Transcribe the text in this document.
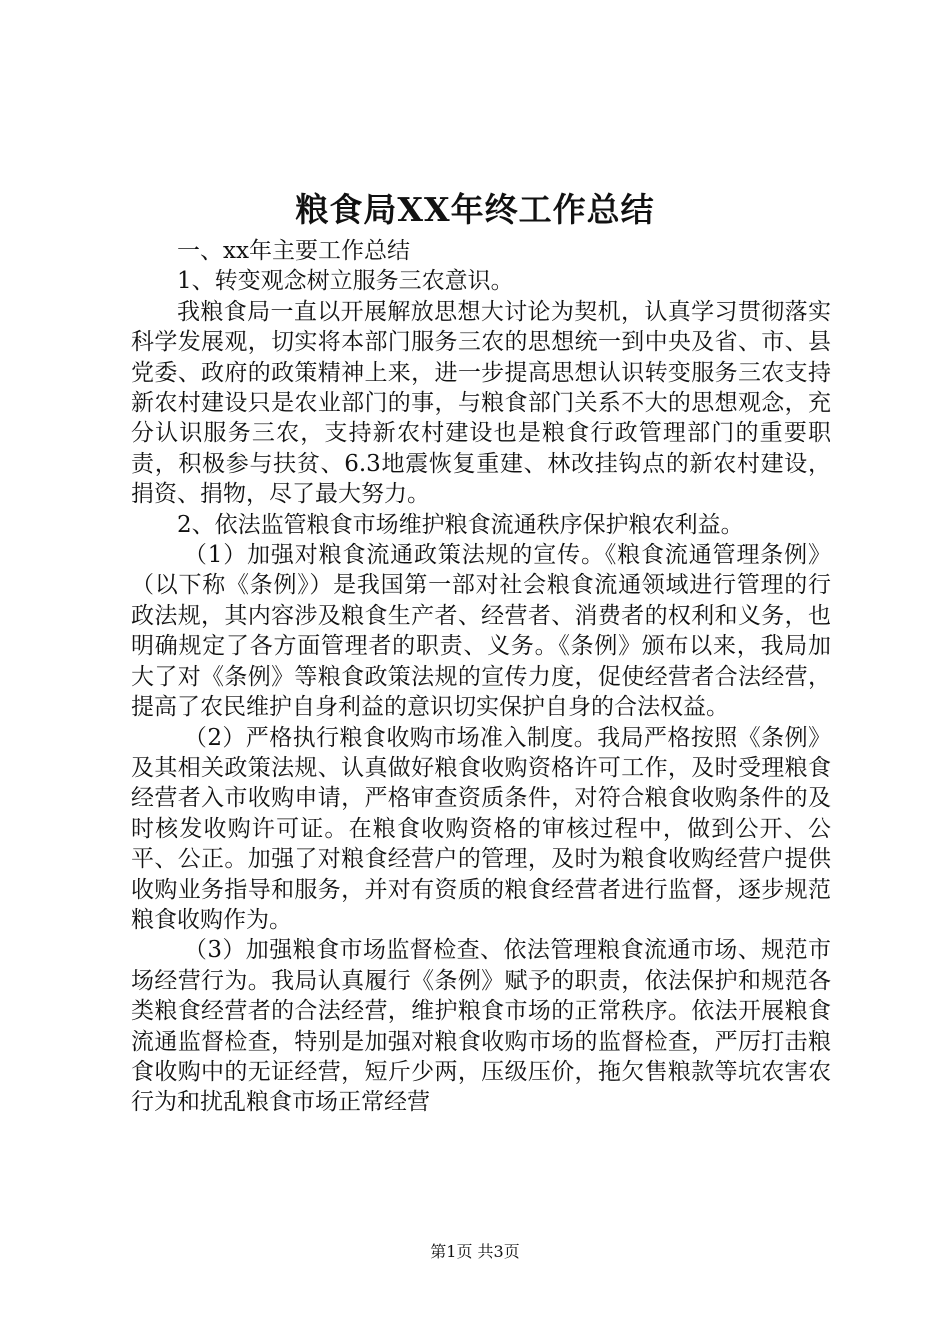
粮食局XX年终工作总结

一、xx年主要工作总结

1、转变观念树立服务三农意识。

我粮食局一直以开展解放思想大讨论为契机，认真学习贯彻落实科学发展观，切实将本部门服务三农的思想统一到中央及省、市、县党委、政府的政策精神上来，进一步提高思想认识转变服务三农支持新农村建设只是农业部门的事，与粮食部门关系不大的思想观念，充分认识服务三农，支持新农村建设也是粮食行政管理部门的重要职责，积极参与扶贫、6.3地震恢复重建、林改挂钩点的新农村建设，捐资、捐物，尽了最大努力。

2、依法监管粮食市场维护粮食流通秩序保护粮农利益。

（1）加强对粮食流通政策法规的宣传。《粮食流通管理条例》（以下称《条例》）是我国第一部对社会粮食流通领域进行管理的行政法规，其内容涉及粮食生产者、经营者、消费者的权利和义务，也明确规定了各方面管理者的职责、义务。《条例》颁布以来，我局加大了对《条例》等粮食政策法规的宣传力度，促使经营者合法经营，提高了农民维护自身利益的意识切实保护自身的合法权益。

（2）严格执行粮食收购市场准入制度。我局严格按照《条例》及其相关政策法规、认真做好粮食收购资格许可工作，及时受理粮食经营者入市收购申请，严格审查资质条件，对符合粮食收购条件的及时核发收购许可证。在粮食收购资格的审核过程中，做到公开、公平、公正。加强了对粮食经营户的管理，及时为粮食收购经营户提供收购业务指导和服务，并对有资质的粮食经营者进行监督，逐步规范粮食收购作为。

（3）加强粮食市场监督检查、依法管理粮食流通市场、规范市场经营行为。我局认真履行《条例》赋予的职责，依法保护和规范各类粮食经营者的合法经营，维护粮食市场的正常秩序。依法开展粮食流通监督检查，特别是加强对粮食收购市场的监督检查，严厉打击粮食收购中的无证经营，短斤少两，压级压价，拖欠售粮款等坑农害农行为和扰乱粮食市场正常经营

第1页 共3页
